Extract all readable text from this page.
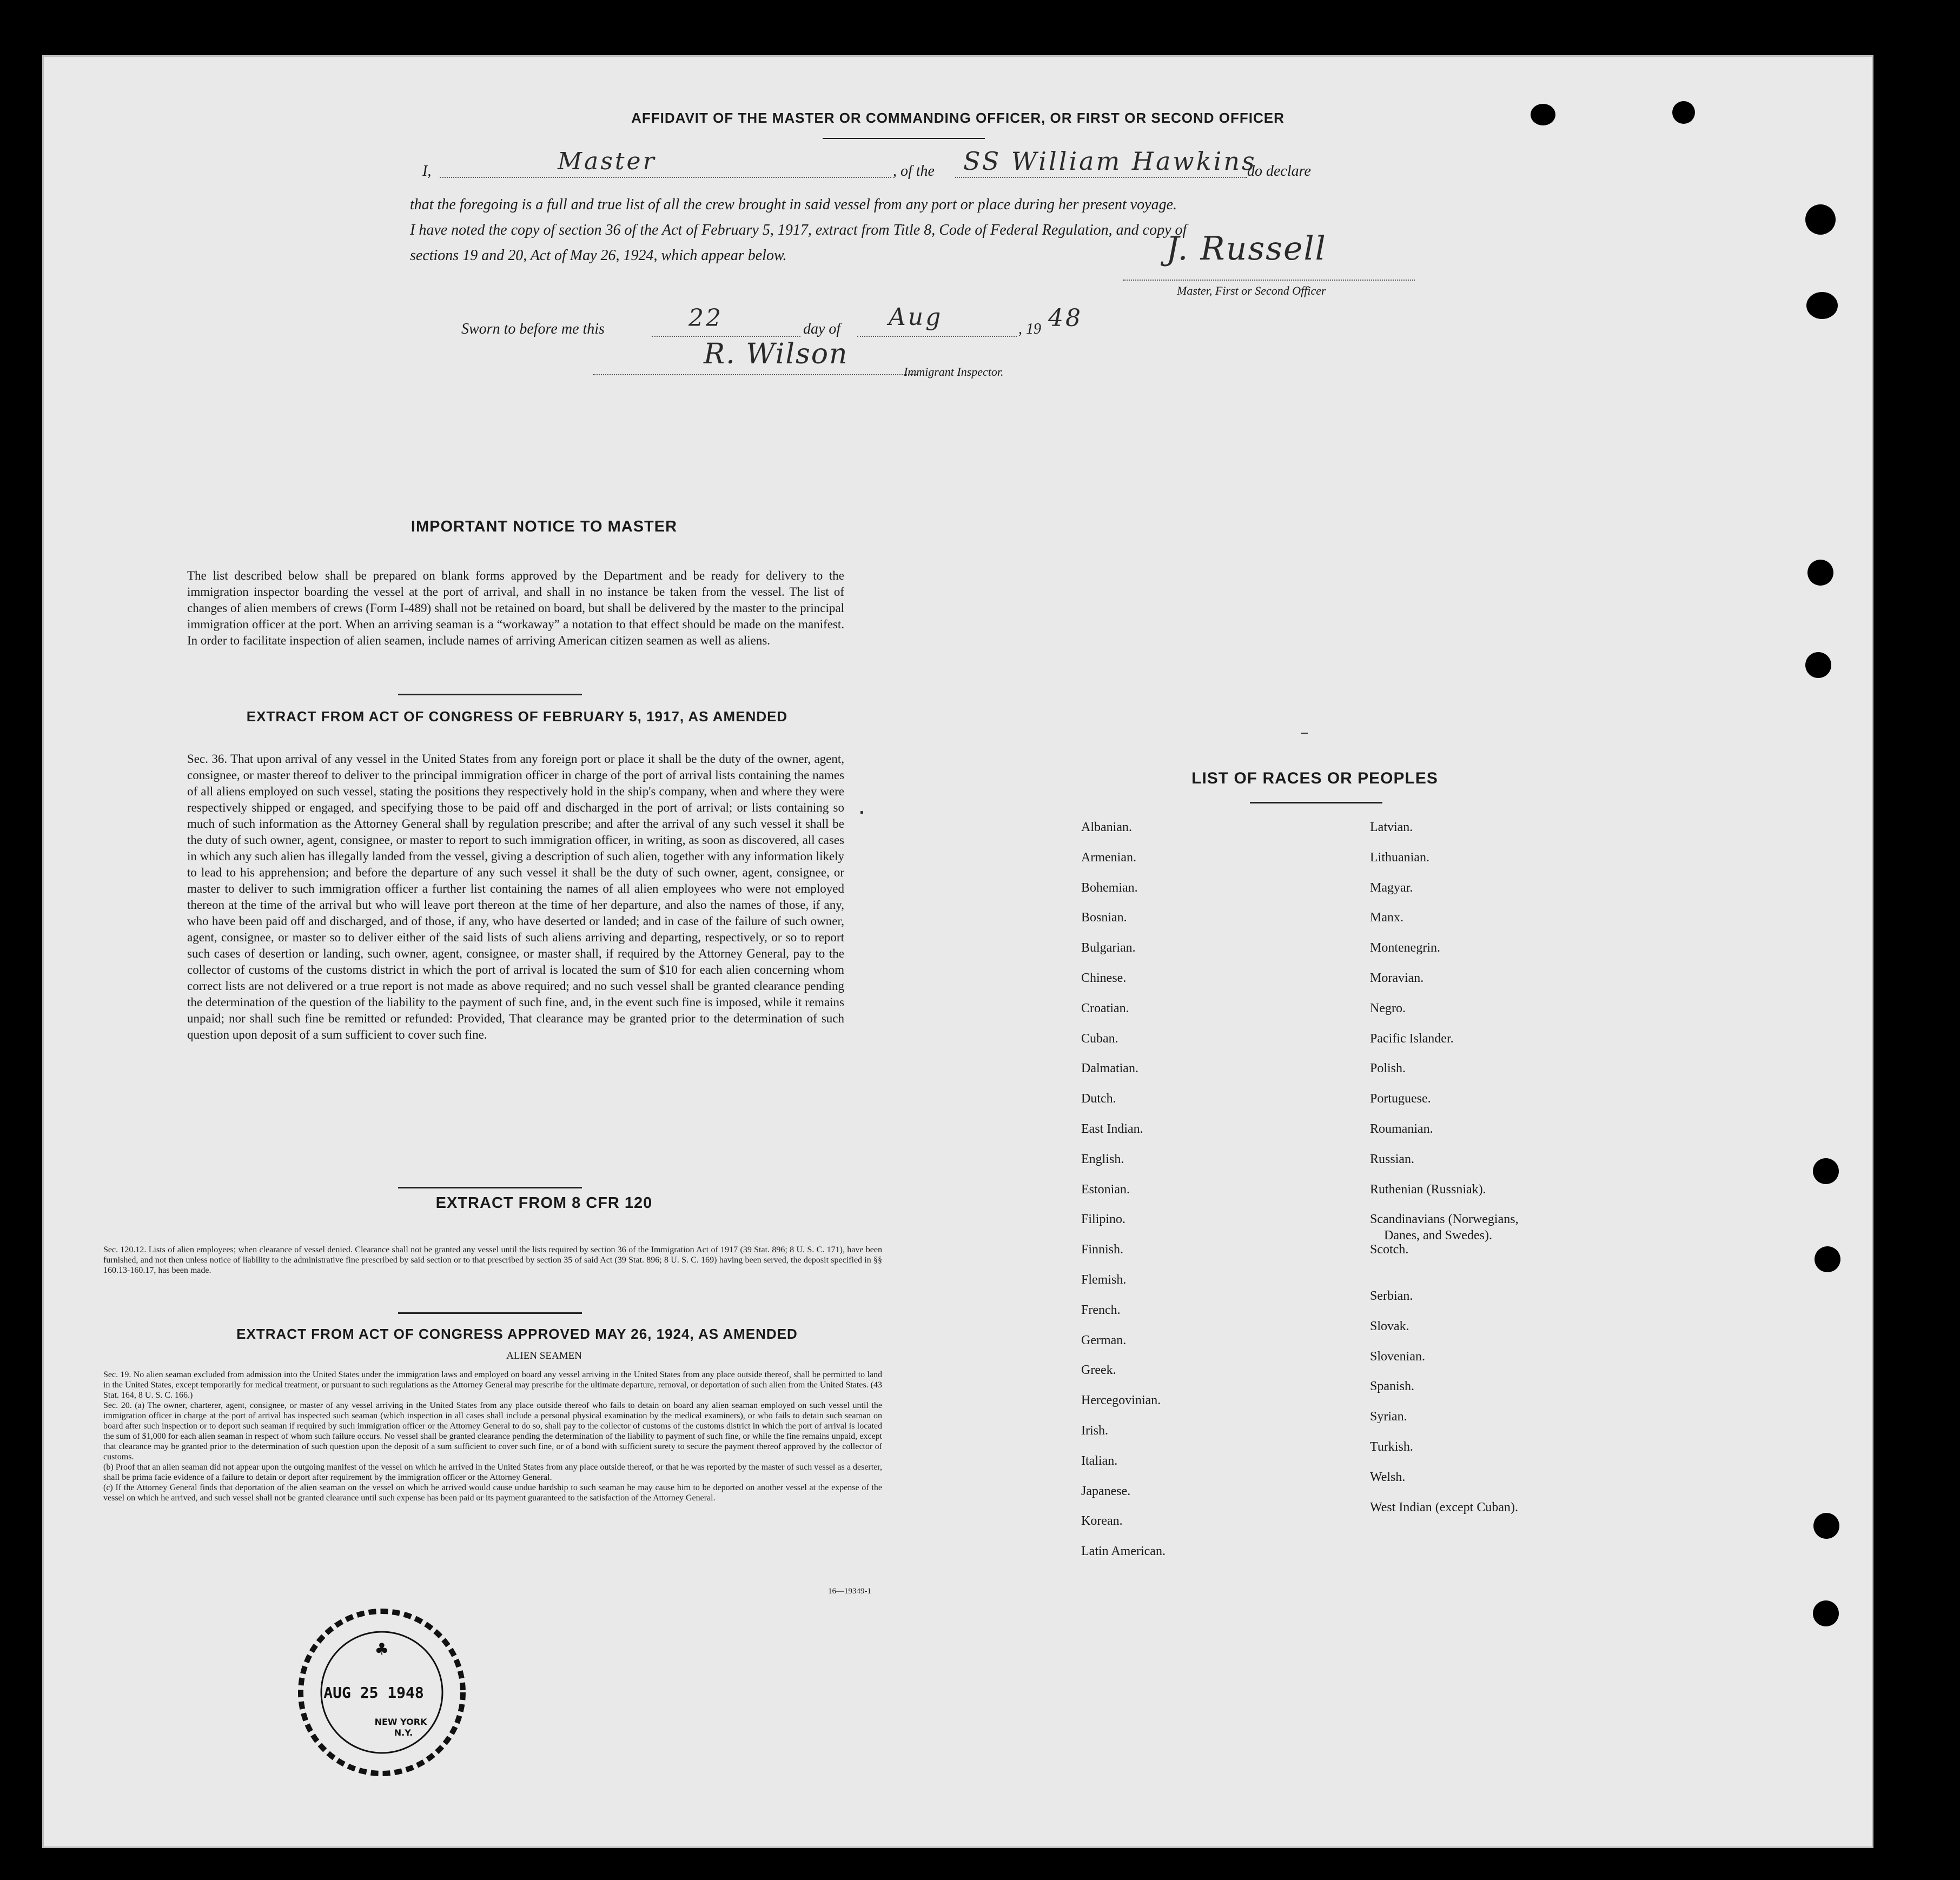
AFFIDAVIT OF THE MASTER OR COMMANDING OFFICER, OR FIRST OR SECOND OFFICER
I,	Master	, of the SS William Hawkins
do declare
that the foregoing is a full and true list of all the crew brought in said vessel from any port or place during her present voyage.
I have noted the copy of section 36 of the Act of February 5, 1917, extract from Title 8, Code of Federal Regulation, and copy of
sections 19 and 20, Act of May 26, 1924, which appear below.	J. Russell
Master, First or Second Officer
Sworn to before me this	22	day of Aug	, 19 48
R. Wilson
Immigrant Inspector.
IMPORTANT NOTICE TO MASTER
The list described below shall be prepared on blank forms approved by the Department and be ready for delivery to the immigration inspector boarding the vessel at the port of arrival, and shall in no instance be taken from the vessel. The list of changes of alien members of crews (Form I-489) shall not be retained on board, but shall be delivered by the master to the principal immigration officer at the port. When an arriving seaman is a “workaway” a notation to that effect should be made on the manifest. In order to facilitate inspection of alien seamen, include names of arriving American citizen seamen as well as aliens.
EXTRACT FROM ACT OF CONGRESS OF FEBRUARY 5, 1917, AS AMENDED
Sec. 36. That upon arrival of any vessel in the United States from any foreign port or place it shall be the duty of the owner, agent, consignee, or master thereof to deliver to the principal immigration officer in charge of the port of arrival lists containing the names of all aliens employed on such vessel, stating the positions they respectively hold in the ship's company, when and where they were respectively shipped or engaged, and specifying those to be paid off and discharged in the port of arrival; or lists containing so much of such information as the Attorney General shall by regulation prescribe; and after the arrival of any such vessel it shall be the duty of such owner, agent, consignee, or master to report to such immigration officer, in writing, as soon as discovered, all cases in which any such alien has illegally landed from the vessel, giving a description of such alien, together with any information likely to lead to his apprehension; and before the departure of any such vessel it shall be the duty of such owner, agent, consignee, or master to deliver to such immigration officer a further list containing the names of all alien employees who were not employed thereon at the time of the arrival but who will leave port thereon at the time of her departure, and also the names of those, if any, who have been paid off and discharged, and of those, if any, who have deserted or landed; and in case of the failure of such owner, agent, consignee, or master so to deliver either of the said lists of such aliens arriving and departing, respectively, or so to report such cases of desertion or landing, such owner, agent, consignee, or master shall, if required by the Attorney General, pay to the collector of customs of the customs district in which the port of arrival is located the sum of $10 for each alien concerning whom correct lists are not delivered or a true report is not made as above required; and no such vessel shall be granted clearance pending the determination of the question of the liability to the payment of such fine, and, in the event such fine is imposed, while it remains unpaid; nor shall such fine be remitted or refunded: Provided, That clearance may be granted prior to the determination of such question upon deposit of a sum sufficient to cover such fine.
EXTRACT FROM 8 CFR 120
Sec. 120.12. Lists of alien employees; when clearance of vessel denied. Clearance shall not be granted any vessel until the lists required by section 36 of the Immigration Act of 1917 (39 Stat. 896; 8 U. S. C. 171), have been furnished, and not then unless notice of liability to the administrative fine prescribed by said section or to that prescribed by section 35 of said Act (39 Stat. 896; 8 U. S. C. 169) having been served, the deposit specified in §§ 160.13-160.17, has been made.
EXTRACT FROM ACT OF CONGRESS APPROVED MAY 26, 1924, AS AMENDED
ALIEN SEAMEN
Sec. 19. No alien seaman excluded from admission into the United States under the immigration laws and employed on board any vessel arriving in the United States from any place outside thereof, shall be permitted to land in the United States, except temporarily for medical treatment, or pursuant to such regulations as the Attorney General may prescribe for the ultimate departure, removal, or deportation of such alien from the United States. (43 Stat. 164, 8 U. S. C. 166.)
Sec. 20. (a) The owner, charterer, agent, consignee, or master of any vessel arriving in the United States from any place outside thereof who fails to detain on board any alien seaman employed on such vessel until the immigration officer in charge at the port of arrival has inspected such seaman (which inspection in all cases shall include a personal physical examination by the medical examiners), or who fails to detain such seaman on board after such inspection or to deport such seaman if required by such immigration officer or the Attorney General to do so, shall pay to the collector of customs of the customs district in which the port of arrival is located the sum of $1,000 for each alien seaman in respect of whom such failure occurs. No vessel shall be granted clearance pending the determination of the liability to payment of such fine, or while the fine remains unpaid, except that clearance may be granted prior to the determination of such question upon the deposit of a sum sufficient to cover such fine, or of a bond with sufficient surety to secure the payment thereof approved by the collector of customs.
(b) Proof that an alien seaman did not appear upon the outgoing manifest of the vessel on which he arrived in the United States from any place outside thereof, or that he was reported by the master of such vessel as a deserter, shall be prima facie evidence of a failure to detain or deport after requirement by the immigration officer or the Attorney General.
(c) If the Attorney General finds that deportation of the alien seaman on the vessel on which he arrived would cause undue hardship to such seaman he may cause him to be deported on another vessel at the expense of the vessel on which he arrived, and such vessel shall not be granted clearance until such expense has been paid or its payment guaranteed to the satisfaction of the Attorney General.
16—19349-1
♣
AUG 25 1948
NEW YORK
N.Y.
LIST OF RACES OR PEOPLES
Albanian.
Armenian.
Bohemian.
Bosnian.
Bulgarian.
Chinese.
Croatian.
Cuban.
Dalmatian.
Dutch.
East Indian.
English.
Estonian.
Filipino.
Finnish.
Flemish.
French.
German.
Greek.
Hercegovinian.
Irish.
Italian.
Japanese.
Korean.
Latin American.
Latvian.
Lithuanian.
Magyar.
Manx.
Montenegrin.
Moravian.
Negro.
Pacific Islander.
Polish.
Portuguese.
Roumanian.
Russian.
Ruthenian (Russniak).
Scandinavians (Norwegians,
Danes, and Swedes).
Scotch.
Serbian.
Slovak.
Slovenian.
Spanish.
Syrian.
Turkish.
Welsh.
West Indian (except Cuban).
